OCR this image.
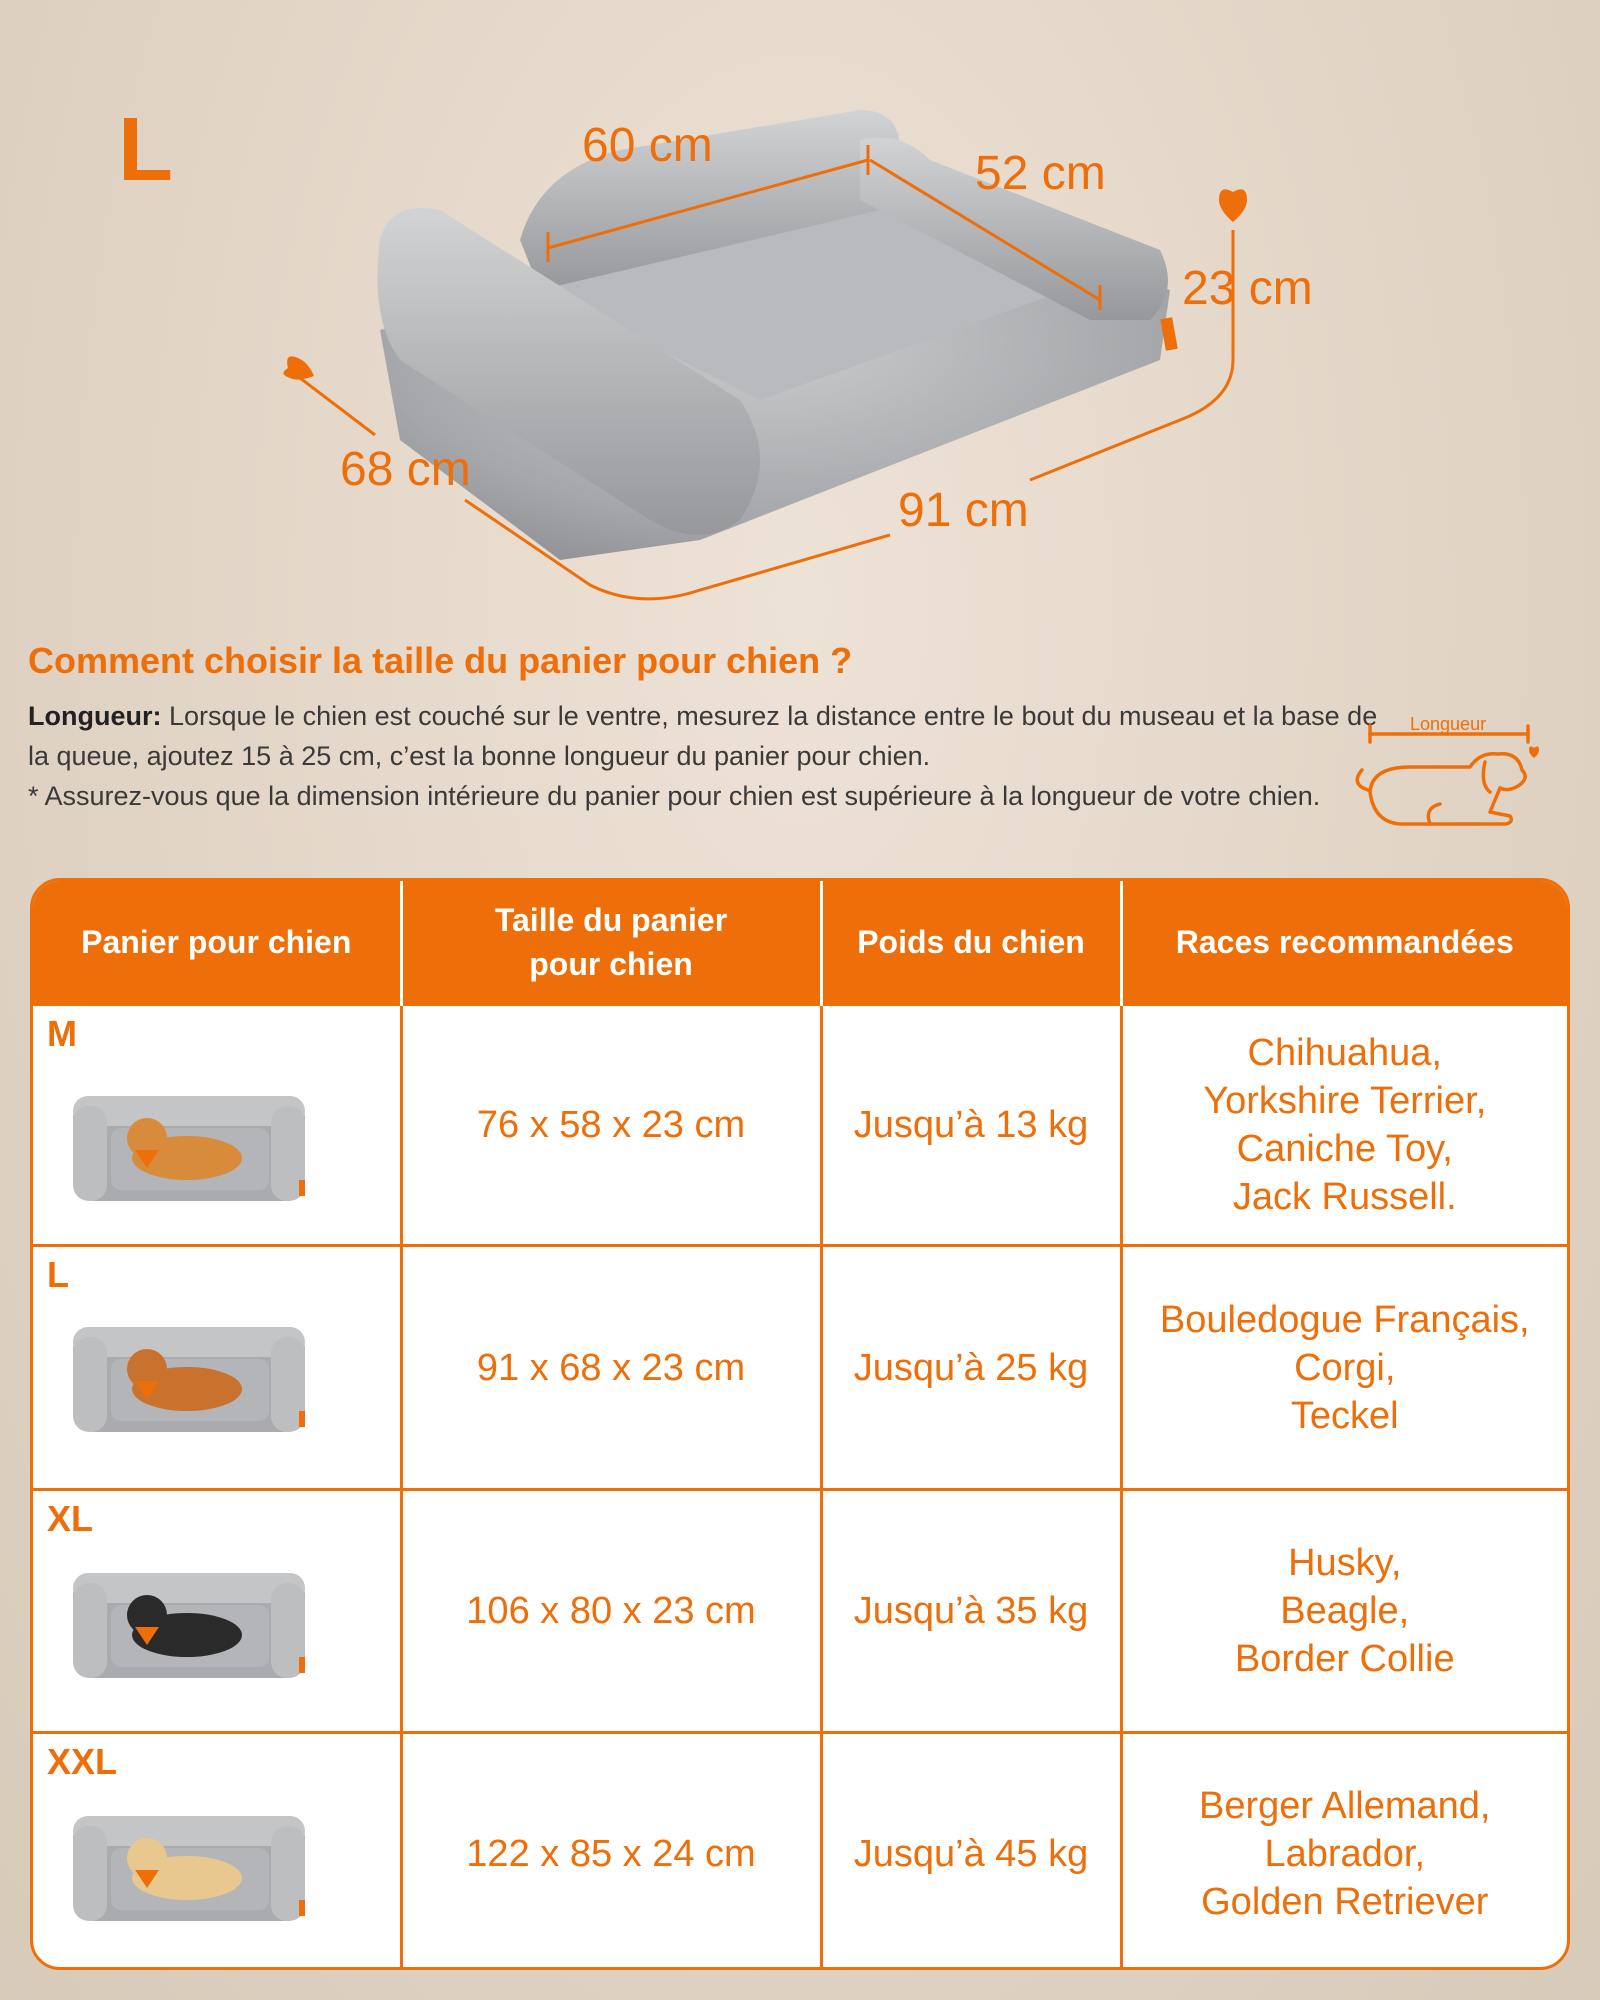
L	60 cm
52 cm
23 cm
68 cm
91 cm
Comment choisir la taille du panier pour chien ?

Longueur: Lorsque le chien est couché sur le ventre, mesurez la distance entre le bout du museau et la base de la queue, ajoutez 15 à 25 cm, c’est la bonne longueur du panier pour chien.

* Assurez-vous que la dimension intérieure du panier pour chien est supérieure à la longueur de votre chien.

Longueur
Panier pour chien	Taille du panier pour chien	Poids du chien	Races recommandées

M	76 x 58 x 23 cm	Jusqu’à 13 kg	Chihuahua,
Yorkshire Terrier,
Caniche Toy,
Jack Russell.

L	91 x 68 x 23 cm	Jusqu’à 25 kg	Bouledogue Français,
Corgi,
Teckel

XL	106 x 80 x 23 cm	Jusqu’à 35 kg	Husky,
Beagle,
Border Collie

XXL	122 x 85 x 24 cm	Jusqu’à 45 kg	Berger Allemand,
Labrador,
Golden Retriever
